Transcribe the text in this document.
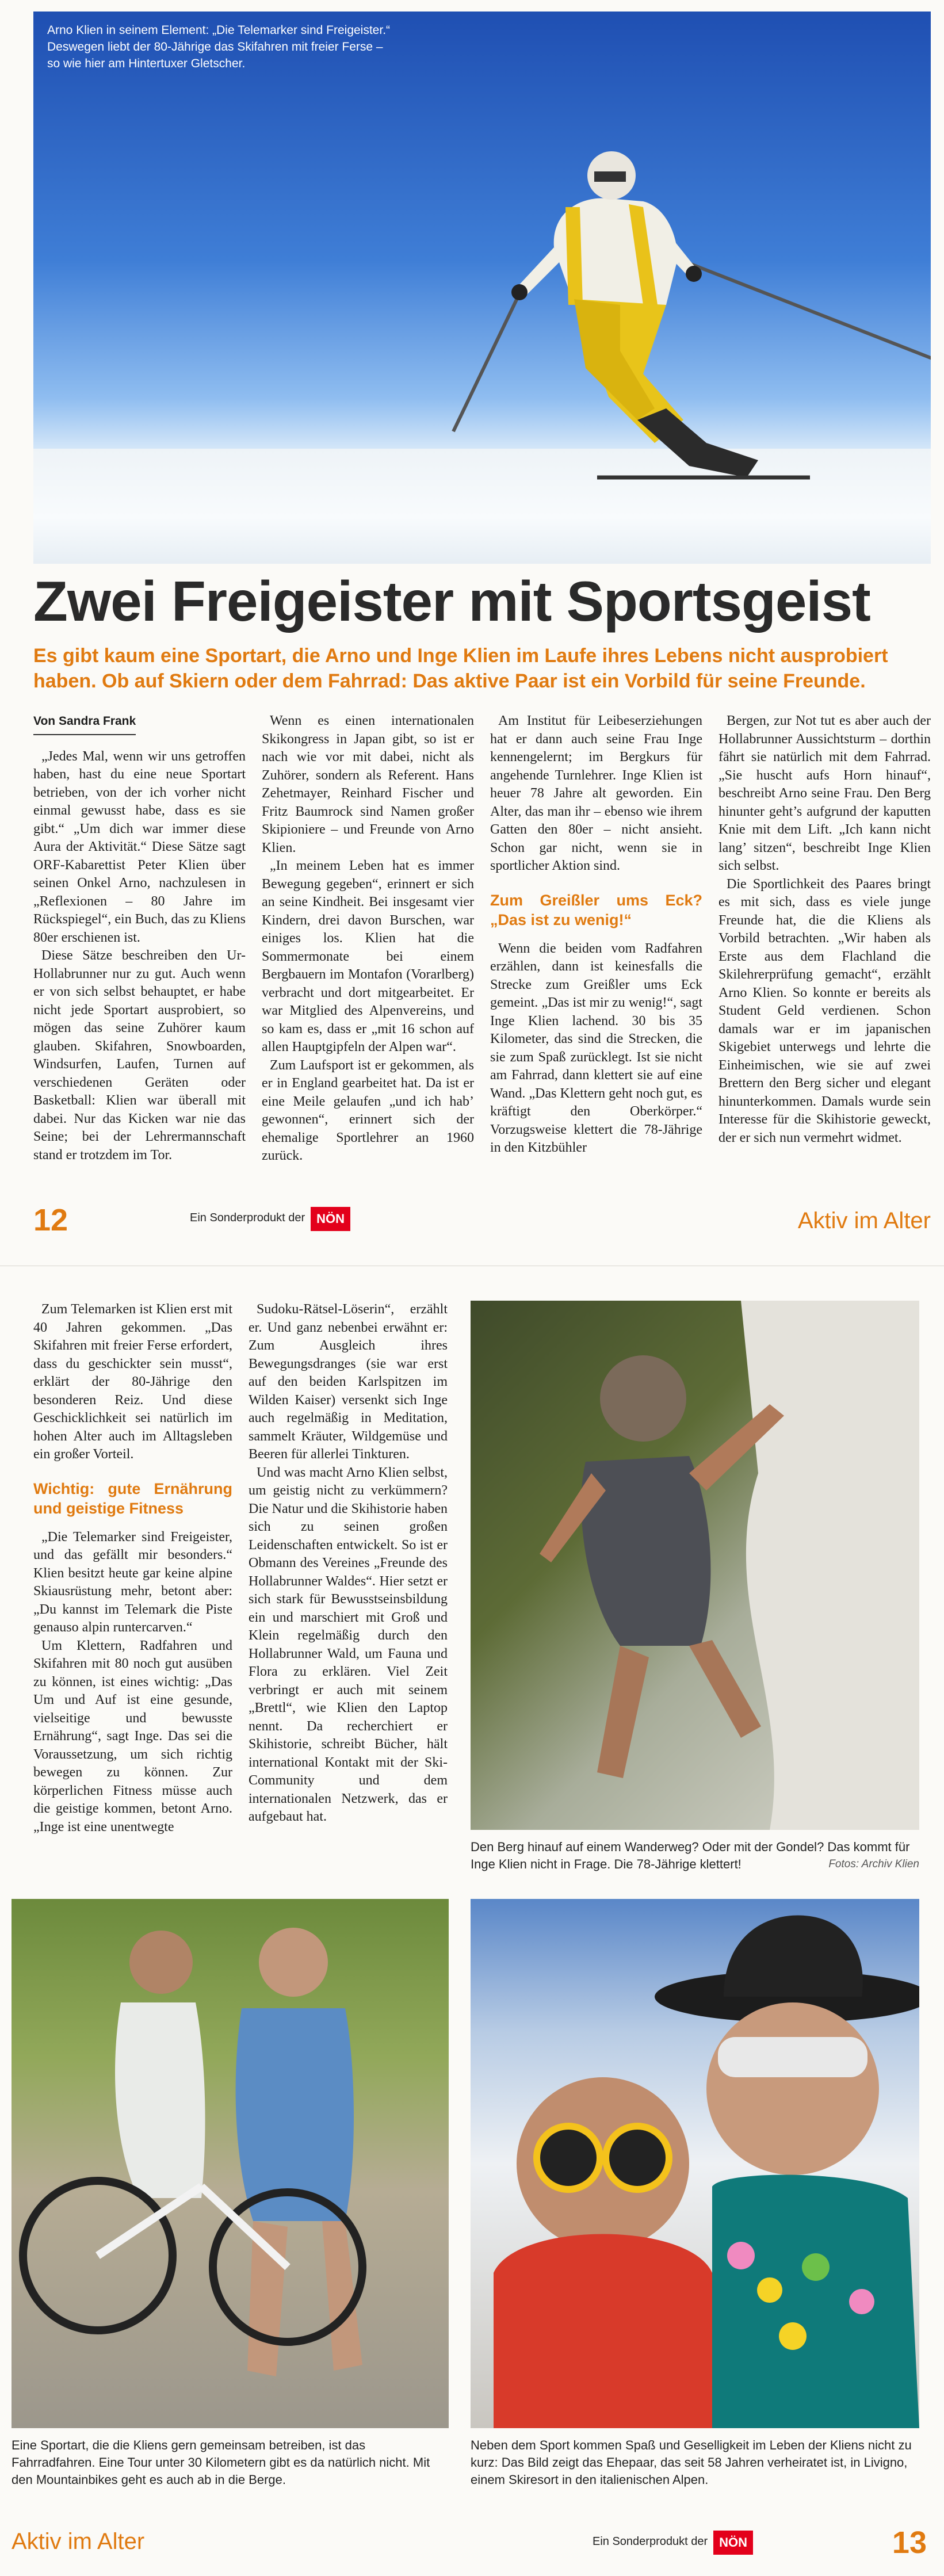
Arno Klien in seinem Element: „Die Telemarker sind Freigeister.“
Deswegen liebt der 80-Jährige das Skifahren mit freier Ferse –
so wie hier am Hintertuxer Gletscher.
Zwei Freigeister mit Sportsgeist
Es gibt kaum eine Sportart, die Arno und Inge Klien im Laufe ihres Lebens nicht ausprobiert haben. Ob auf Skiern oder dem Fahrrad: Das aktive Paar ist ein Vorbild für seine Freunde.
Von Sandra Frank

„Jedes Mal, wenn wir uns getroffen haben, hast du eine neue Sportart betrieben, von der ich vorher nicht einmal gewusst habe, dass es sie gibt.“ „Um dich war immer diese Aura der Aktivität.“ Diese Sätze sagt ORF-Kabarettist Peter Klien über seinen Onkel Arno, nachzulesen in „Reflexionen – 80 Jahre im Rückspiegel“, ein Buch, das zu Kliens 80er erschienen ist.

Diese Sätze beschreiben den Ur-Hollabrunner nur zu gut. Auch wenn er von sich selbst behauptet, er habe nicht jede Sportart ausprobiert, so mögen das seine Zuhörer kaum glauben. Skifahren, Snowboarden, Windsurfen, Laufen, Turnen auf verschiedenen Geräten oder Basketball: Klien war überall mit dabei. Nur das Kicken war nie das Seine; bei der Lehrermannschaft stand er trotzdem im Tor.

Wenn es einen internationalen Skikongress in Japan gibt, so ist er nach wie vor mit dabei, nicht als Zuhörer, sondern als Referent. Hans Zehetmayer, Reinhard Fischer und Fritz Baumrock sind Namen großer Skipioniere – und Freunde von Arno Klien.

„In meinem Leben hat es immer Bewegung gegeben“, erinnert er sich an seine Kindheit. Bei insgesamt vier Kindern, drei davon Burschen, war einiges los. Klien hat die Sommermonate bei einem Bergbauern im Montafon (Vorarlberg) verbracht und dort mitgearbeitet. Er war Mitglied des Alpenvereins, und so kam es, dass er „mit 16 schon auf allen Hauptgipfeln der Alpen war“.

Zum Laufsport ist er gekommen, als er in England gearbeitet hat. Da ist er eine Meile gelaufen „und ich hab’ gewonnen“, erinnert sich der ehemalige Sportlehrer an 1960 zurück.

Am Institut für Leibeserziehungen hat er dann auch seine Frau Inge kennengelernt; im Bergkurs für angehende Turnlehrer. Inge Klien ist heuer 78 Jahre alt geworden. Ein Alter, das man ihr – ebenso wie ihrem Gatten den 80er – nicht ansieht. Schon gar nicht, wenn sie in sportlicher Aktion sind.

Zum Greißler ums Eck? „Das ist zu wenig!“

Wenn die beiden vom Radfahren erzählen, dann ist keinesfalls die Strecke zum Greißler ums Eck gemeint. „Das ist mir zu wenig!“, sagt Inge Klien lachend. 30 bis 35 Kilometer, das sind die Strecken, die sie zum Spaß zurücklegt. Ist sie nicht am Fahrrad, dann klettert sie auf eine Wand. „Das Klettern geht noch gut, es kräftigt den Oberkörper.“ Vorzugsweise klettert die 78-Jährige in den Kitzbühler

Bergen, zur Not tut es aber auch der Hollabrunner Aussichtsturm – dorthin fährt sie natürlich mit dem Fahrrad. „Sie huscht aufs Horn hinauf“, beschreibt Arno seine Frau. Den Berg hinunter geht’s aufgrund der kaputten Knie mit dem Lift. „Ich kann nicht lang’ sitzen“, beschreibt Inge Klien sich selbst.

Die Sportlichkeit des Paares bringt es mit sich, dass es viele junge Freunde hat, die die Kliens als Vorbild betrachten. „Wir haben als Erste aus dem Flachland die Skilehrerprüfung gemacht“, erzählt Arno Klien. So konnte er bereits als Student Geld verdienen. Schon damals war er im japanischen Skigebiet unterwegs und lehrte die Einheimischen, wie sie auf zwei Brettern den Berg sicher und elegant hinunterkommen. Damals wurde sein Interesse für die Skihistorie geweckt, der er sich nun vermehrt widmet.

12	Ein Sonderprodukt der NÖN	Aktiv im Alter

Zum Telemarken ist Klien erst mit 40 Jahren gekommen. „Das Skifahren mit freier Ferse erfordert, dass du geschickter sein musst“, erklärt der 80-Jährige den besonderen Reiz. Und diese Geschicklichkeit sei natürlich im hohen Alter auch im Alltagsleben ein großer Vorteil.

Wichtig: gute Ernährung und geistige Fitness

„Die Telemarker sind Freigeister, und das gefällt mir besonders.“ Klien besitzt heute gar keine alpine Skiausrüstung mehr, betont aber: „Du kannst im Telemark die Piste genauso alpin runtercarven.“

Um Klettern, Radfahren und Skifahren mit 80 noch gut ausüben zu können, ist eines wichtig: „Das Um und Auf ist eine gesunde, vielseitige und bewusste Ernährung“, sagt Inge. Das sei die Voraussetzung, um sich richtig bewegen zu können. Zur körperlichen Fitness müsse auch die geistige kommen, betont Arno. „Inge ist eine unentwegte

Sudoku-Rätsel-Löserin“, erzählt er. Und ganz nebenbei erwähnt er: Zum Ausgleich ihres Bewegungsdranges (sie war erst auf den beiden Karlspitzen im Wilden Kaiser) versenkt sich Inge auch regelmäßig in Meditation, sammelt Kräuter, Wildgemüse und Beeren für allerlei Tinkturen.

Und was macht Arno Klien selbst, um geistig nicht zu verkümmern? Die Natur und die Skihistorie haben sich zu seinen großen Leidenschaften entwickelt. So ist er Obmann des Vereines „Freunde des Hollabrunner Waldes“. Hier setzt er sich stark für Bewusstseinsbildung ein und marschiert mit Groß und Klein regelmäßig durch den Hollabrunner Wald, um Fauna und Flora zu erklären. Viel Zeit verbringt er auch mit seinem „Brettl“, wie Klien den Laptop nennt. Da recherchiert er Skihistorie, schreibt Bücher, hält international Kontakt mit der Ski-Community und dem internationalen Netzwerk, das er aufgebaut hat.

Den Berg hinauf auf einem Wanderweg? Oder mit der Gondel? Das kommt für Inge Klien nicht in Frage. Die 78-Jährige klettert!	Fotos: Archiv Klien
Eine Sportart, die die Kliens gern gemeinsam betreiben, ist das Fahrradfahren. Eine Tour unter 30 Kilometern gibt es da natürlich nicht. Mit den Mountainbikes geht es auch ab in die Berge.
Neben dem Sport kommen Spaß und Geselligkeit im Leben der Kliens nicht zu kurz: Das Bild zeigt das Ehepaar, das seit 58 Jahren verheiratet ist, in Livigno, einem Skiresort in den italienischen Alpen.
Aktiv im Alter	Ein Sonderprodukt der NÖN	13
